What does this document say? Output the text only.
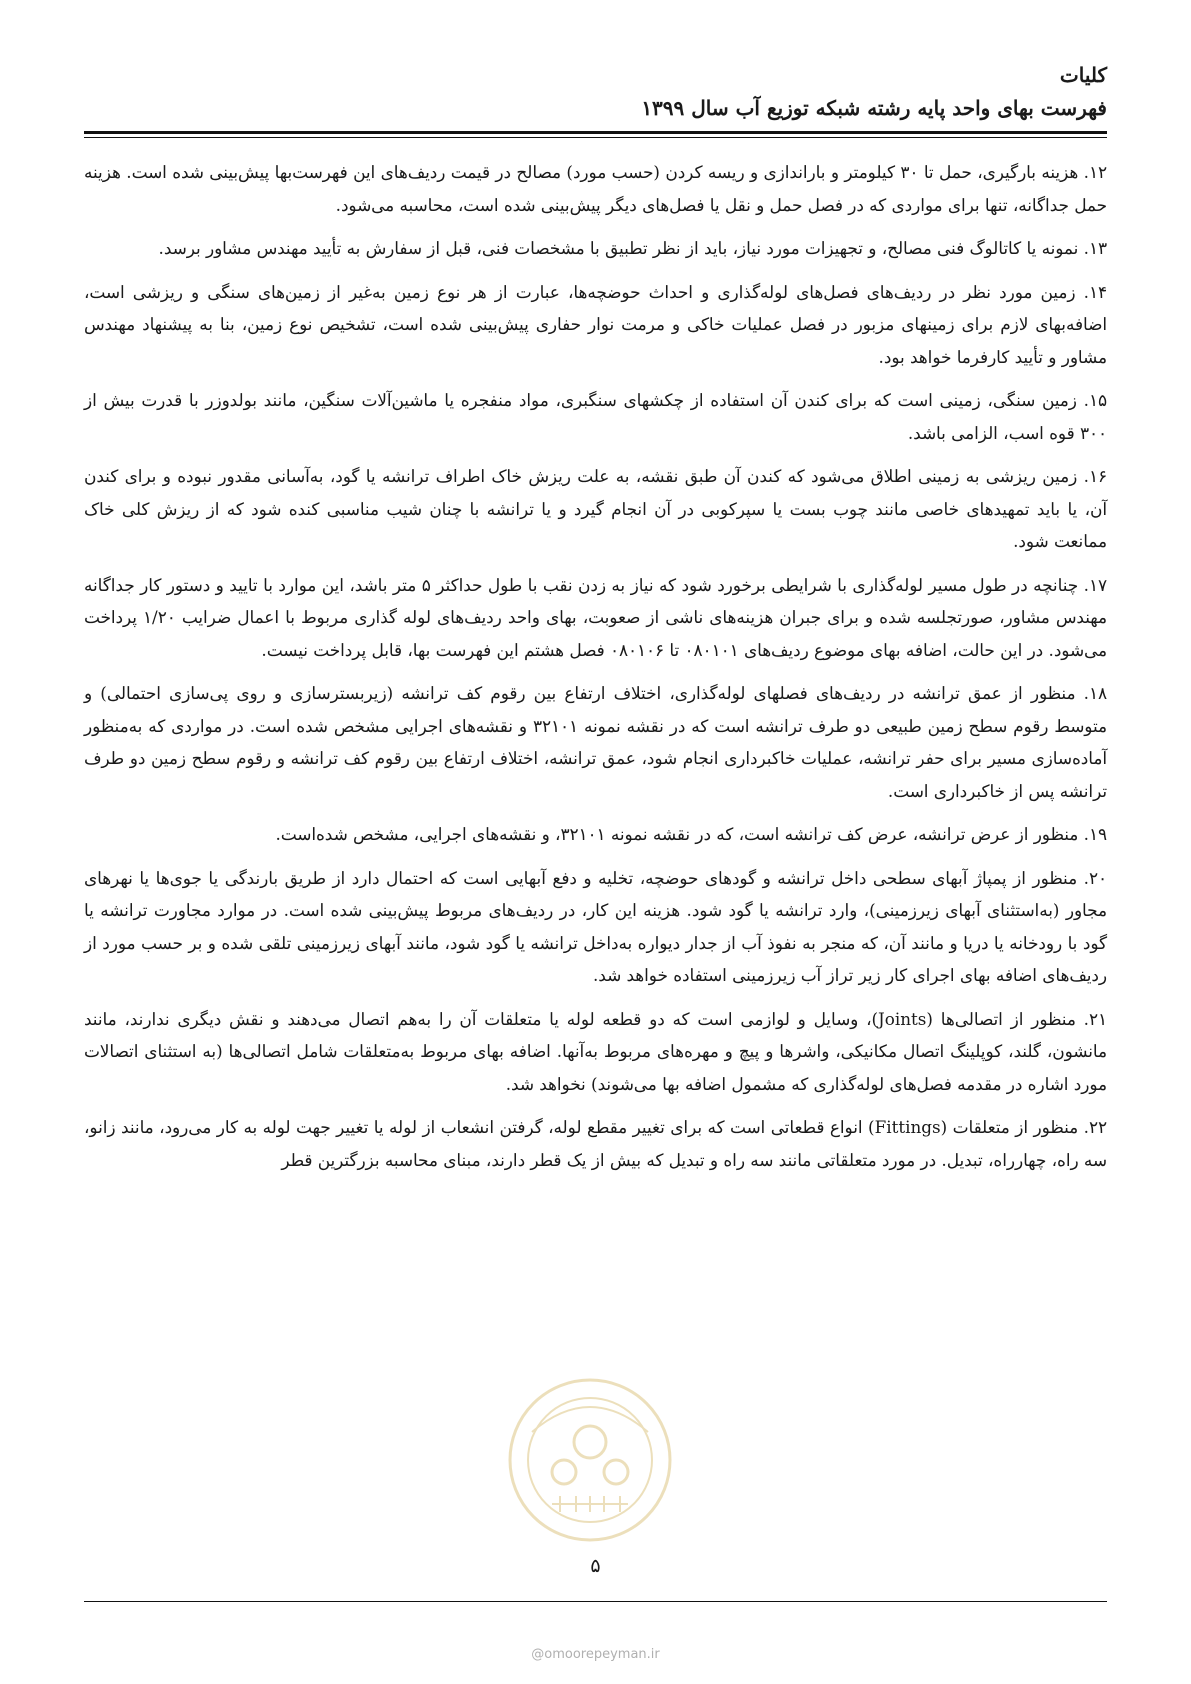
کلیات
فهرست بهای واحد پایه رشته شبکه توزیع آب سال ۱۳۹۹

۱۲. هزینه بارگیری، حمل تا ۳۰ کیلومتر و باراندازی و ریسه کردن (حسب مورد) مصالح در قیمت ردیف‌های این فهرست‌بها پیش‌بینی شده است. هزینه حمل جداگانه، تنها برای مواردی که در فصل حمل و نقل یا فصل‌های دیگر پیش‌بینی شده است، محاسبه می‌شود.

۱۳. نمونه یا کاتالوگ فنی مصالح، و تجهیزات مورد نیاز، باید از نظر تطبیق با مشخصات فنی، قبل از سفارش به تأیید مهندس مشاور برسد.

۱۴. زمین مورد نظر در ردیف‌های فصل‌های لوله‌گذاری و احداث حوضچه‌ها، عبارت از هر نوع زمین به‌غیر از زمین‌های سنگی و ریزشی است، اضافه‌بهای لازم برای زمینهای مزبور در فصل عملیات خاکی و مرمت نوار حفاری پیش‌بینی شده است، تشخیص نوع زمین، بنا به پیشنهاد مهندس مشاور و تأیید کارفرما خواهد بود.

۱۵. زمین سنگی، زمینی است که برای کندن آن استفاده از چکشهای سنگبری، مواد منفجره یا ماشین‌آلات سنگین، مانند بولدوزر با قدرت بیش از ۳۰۰ قوه اسب، الزامی باشد.

۱۶. زمین ریزشی به زمینی اطلاق می‌شود که کندن آن طبق نقشه، به علت ریزش خاک اطراف ترانشه یا گود، به‌آسانی مقدور نبوده و برای کندن آن، یا باید تمهیدهای خاصی مانند چوب بست یا سپرکوبی در آن انجام گیرد و یا ترانشه با چنان شیب مناسبی کنده شود که از ریزش کلی خاک ممانعت شود.

۱۷. چنانچه در طول مسیر لوله‌گذاری با شرایطی برخورد شود که نیاز به زدن نقب با طول حداکثر ۵ متر باشد، این موارد با تایید و دستور کار جداگانه مهندس مشاور، صورتجلسه شده و برای جبران هزینه‌های ناشی از صعوبت، بهای واحد ردیف‌های لوله گذاری مربوط با اعمال ضرایب ۱/۲۰ پرداخت می‌شود. در این حالت، اضافه بهای موضوع ردیف‌های ۰۸۰۱۰۱ تا ۰۸۰۱۰۶ فصل هشتم این فهرست بها، قابل پرداخت نیست.

۱۸. منظور از عمق ترانشه در ردیف‌های فصلهای لوله‌گذاری، اختلاف ارتفاع بین رقوم کف ترانشه (زیربسترسازی و روی پی‌سازی احتمالی) و متوسط رقوم سطح زمین طبیعی دو طرف ترانشه است که در نقشه نمونه ۳۲۱۰۱ و نقشه‌های اجرایی مشخص شده است. در مواردی که به‌منظور آماده‌سازی مسیر برای حفر ترانشه، عملیات خاکبرداری انجام شود، عمق ترانشه، اختلاف ارتفاع بین رقوم کف ترانشه و رقوم سطح زمین دو طرف ترانشه پس از خاکبرداری است.

۱۹. منظور از عرض ترانشه، عرض کف ترانشه است، که در نقشه نمونه ۳۲۱۰۱، و نقشه‌های اجرایی، مشخص شده‌است.

۲۰. منظور از پمپاژ آبهای سطحی داخل ترانشه و گودهای حوضچه، تخلیه و دفع آبهایی است که احتمال دارد از طریق بارندگی یا جوی‌ها یا نهرهای مجاور (به‌استثنای آبهای زیرزمینی)، وارد ترانشه یا گود شود. هزینه این کار، در ردیف‌های مربوط پیش‌بینی شده است. در موارد مجاورت ترانشه یا گود با رودخانه یا دریا و مانند آن، که منجر به نفوذ آب از جدار دیواره به‌داخل ترانشه یا گود شود، مانند آبهای زیرزمینی تلقی شده و بر حسب مورد از ردیف‌های اضافه بهای اجرای کار زیر تراز آب زیرزمینی استفاده خواهد شد.

۲۱. منظور از اتصالی‌ها (Joints)، وسایل و لوازمی است که دو قطعه لوله یا متعلقات آن را به‌هم اتصال می‌دهند و نقش دیگری ندارند، مانند مانشون، گلند، کوپلینگ اتصال مکانیکی، واشرها و پیچ و مهره‌های مربوط به‌آنها. اضافه بهای مربوط به‌متعلقات شامل اتصالی‌ها (به استثنای اتصالات مورد اشاره در مقدمه فصل‌های لوله‌گذاری که مشمول اضافه بها می‌شوند) نخواهد شد.

۲۲. منظور از متعلقات (Fittings) انواع قطعاتی است که برای تغییر مقطع لوله، گرفتن انشعاب از لوله یا تغییر جهت لوله به کار می‌رود، مانند زانو، سه راه، چهارراه، تبدیل. در مورد متعلقاتی مانند سه راه و تبدیل که بیش از یک قطر دارند، مبنای محاسبه بزرگترین قطر

۵
@omoorepeyman.ir
